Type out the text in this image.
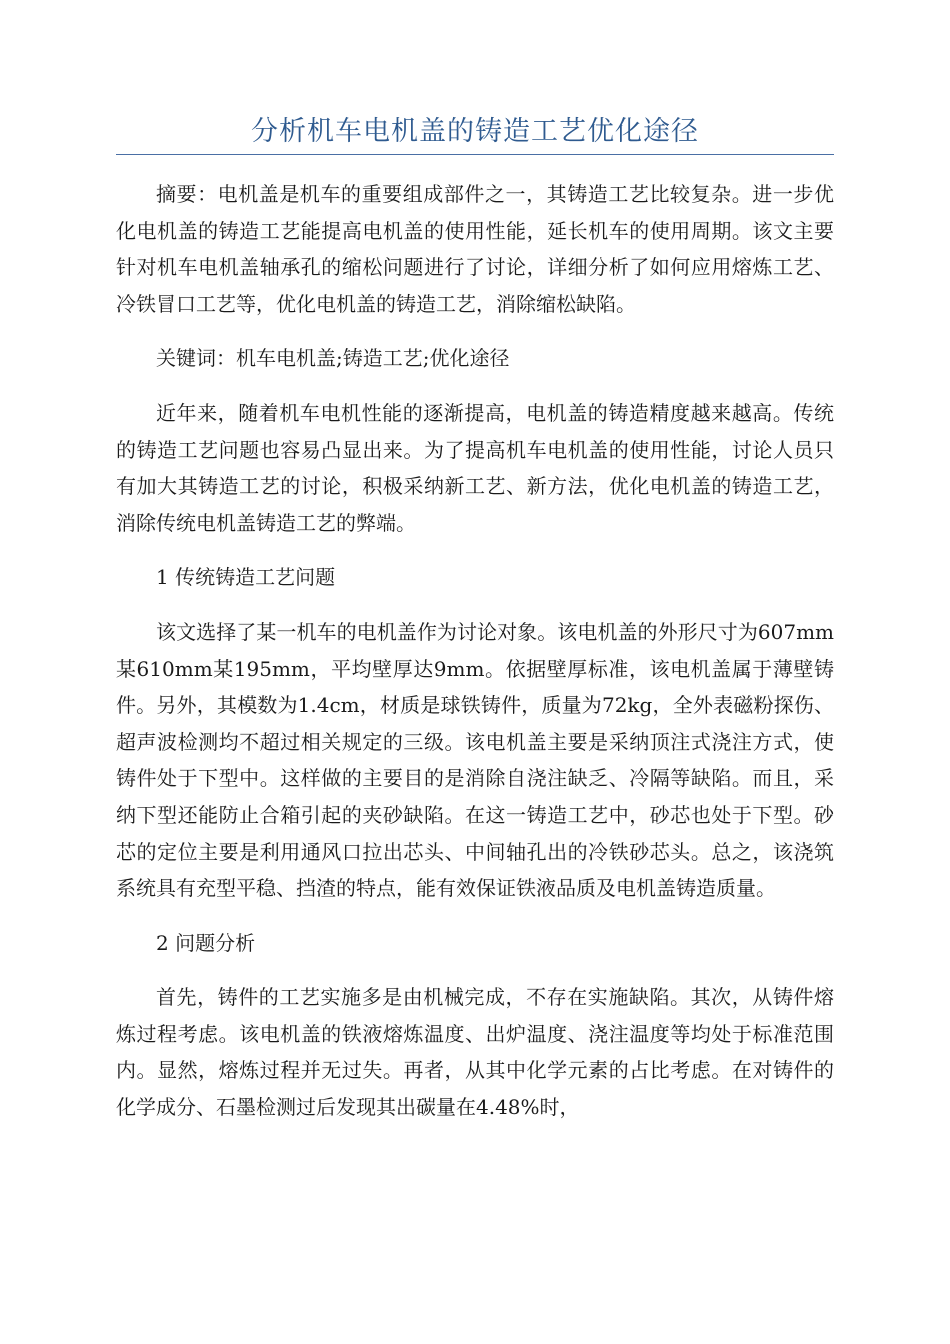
分析机车电机盖的铸造工艺优化途径

摘要：电机盖是机车的重要组成部件之一，其铸造工艺比较复杂。进一步优化电机盖的铸造工艺能提高电机盖的使用性能，延长机车的使用周期。该文主要针对机车电机盖轴承孔的缩松问题进行了讨论，详细分析了如何应用熔炼工艺、冷铁冒口工艺等，优化电机盖的铸造工艺，消除缩松缺陷。

关键词：机车电机盖;铸造工艺;优化途径

近年来，随着机车电机性能的逐渐提高，电机盖的铸造精度越来越高。传统的铸造工艺问题也容易凸显出来。为了提高机车电机盖的使用性能，讨论人员只有加大其铸造工艺的讨论，积极采纳新工艺、新方法，优化电机盖的铸造工艺，消除传统电机盖铸造工艺的弊端。

1 传统铸造工艺问题

该文选择了某一机车的电机盖作为讨论对象。该电机盖的外形尺寸为607mm某610mm某195mm，平均壁厚达9mm。依据壁厚标准，该电机盖属于薄壁铸件。另外，其模数为1.4cm，材质是球铁铸件，质量为72kg，全外表磁粉探伤、超声波检测均不超过相关规定的三级。该电机盖主要是采纳顶注式浇注方式，使铸件处于下型中。这样做的主要目的是消除自浇注缺乏、冷隔等缺陷。而且，采纳下型还能防止合箱引起的夹砂缺陷。在这一铸造工艺中，砂芯也处于下型。砂芯的定位主要是利用通风口拉出芯头、中间轴孔出的冷铁砂芯头。总之，该浇筑系统具有充型平稳、挡渣的特点，能有效保证铁液品质及电机盖铸造质量。

2 问题分析

首先，铸件的工艺实施多是由机械完成，不存在实施缺陷。其次，从铸件熔炼过程考虑。该电机盖的铁液熔炼温度、出炉温度、浇注温度等均处于标准范围内。显然，熔炼过程并无过失。再者，从其中化学元素的占比考虑。在对铸件的化学成分、石墨检测过后发现其出碳量在4.48%时，
